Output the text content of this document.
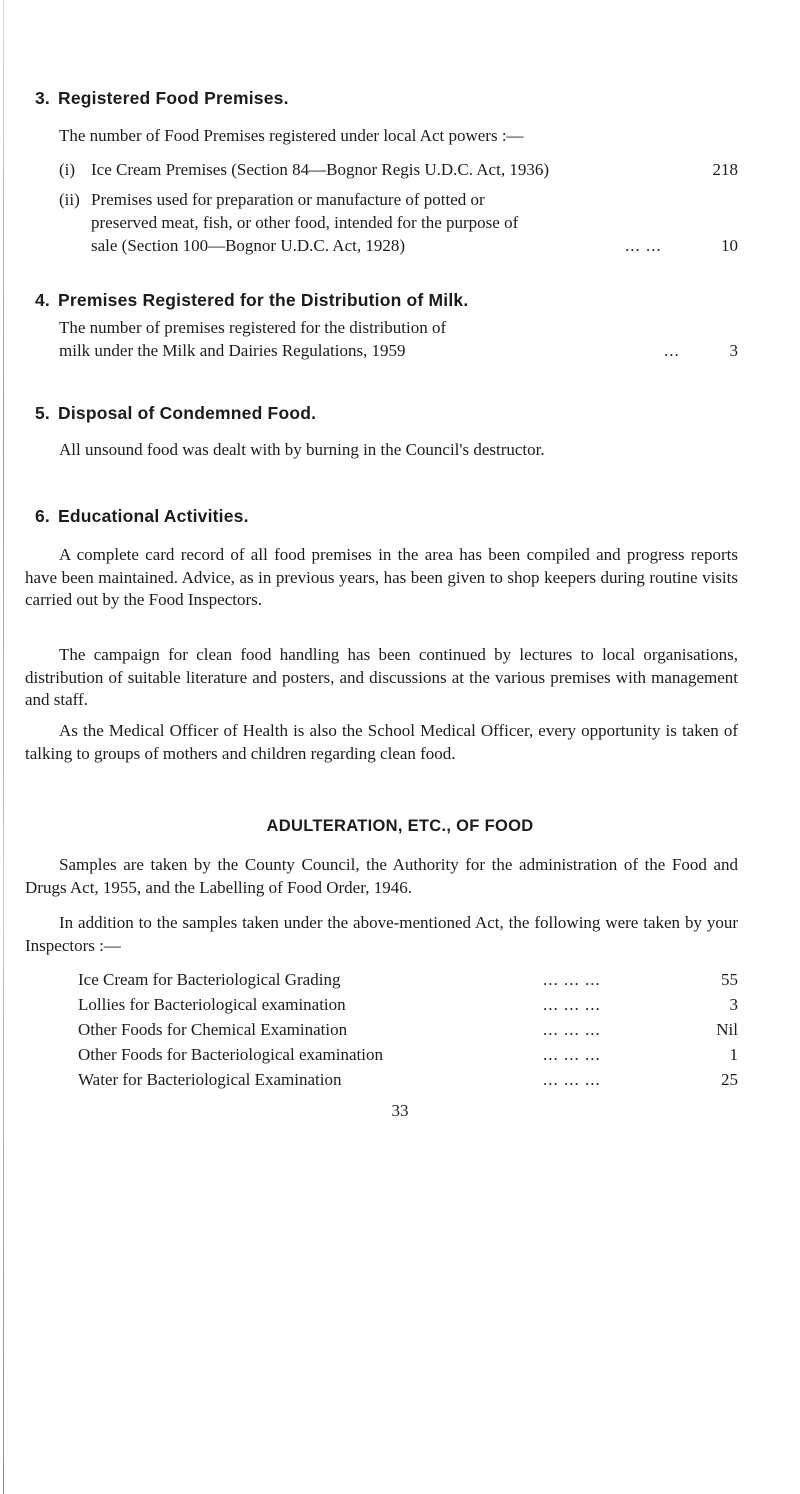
3. Registered Food Premises.
The number of Food Premises registered under local Act powers :—
(i) Ice Cream Premises (Section 84—Bognor Regis U.D.C. Act, 1936)	218
(ii) Premises used for preparation or manufacture of potted or
preserved meat, fish, or other food, intended for the purpose of
sale (Section 100—Bognor U.D.C. Act, 1928)	... ...	10
4. Premises Registered for the Distribution of Milk.
The number of premises registered for the distribution of
milk under the Milk and Dairies Regulations, 1959	...	3
5. Disposal of Condemned Food.
All unsound food was dealt with by burning in the Council's destructor.
6. Educational Activities.
A complete card record of all food premises in the area has been compiled and progress reports have been maintained. Advice, as in previous years, has been given to shop keepers during routine visits carried out by the Food Inspectors.
The campaign for clean food handling has been continued by lectures to local organisations, distribution of suitable literature and posters, and discussions at the various premises with management and staff.
As the Medical Officer of Health is also the School Medical Officer, every opportunity is taken of talking to groups of mothers and children regarding clean food.
ADULTERATION, ETC., OF FOOD
Samples are taken by the County Council, the Authority for the administration of the Food and Drugs Act, 1955, and the Labelling of Food Order, 1946.
In addition to the samples taken under the above-mentioned Act, the following were taken by your Inspectors :—
Ice Cream for Bacteriological Grading	... ... ...	55
Lollies for Bacteriological examination	... ... ...	3
Other Foods for Chemical Examination	... ... ...	Nil
Other Foods for Bacteriological examination	... ... ...	1
Water for Bacteriological Examination	... ... ...	25
33
